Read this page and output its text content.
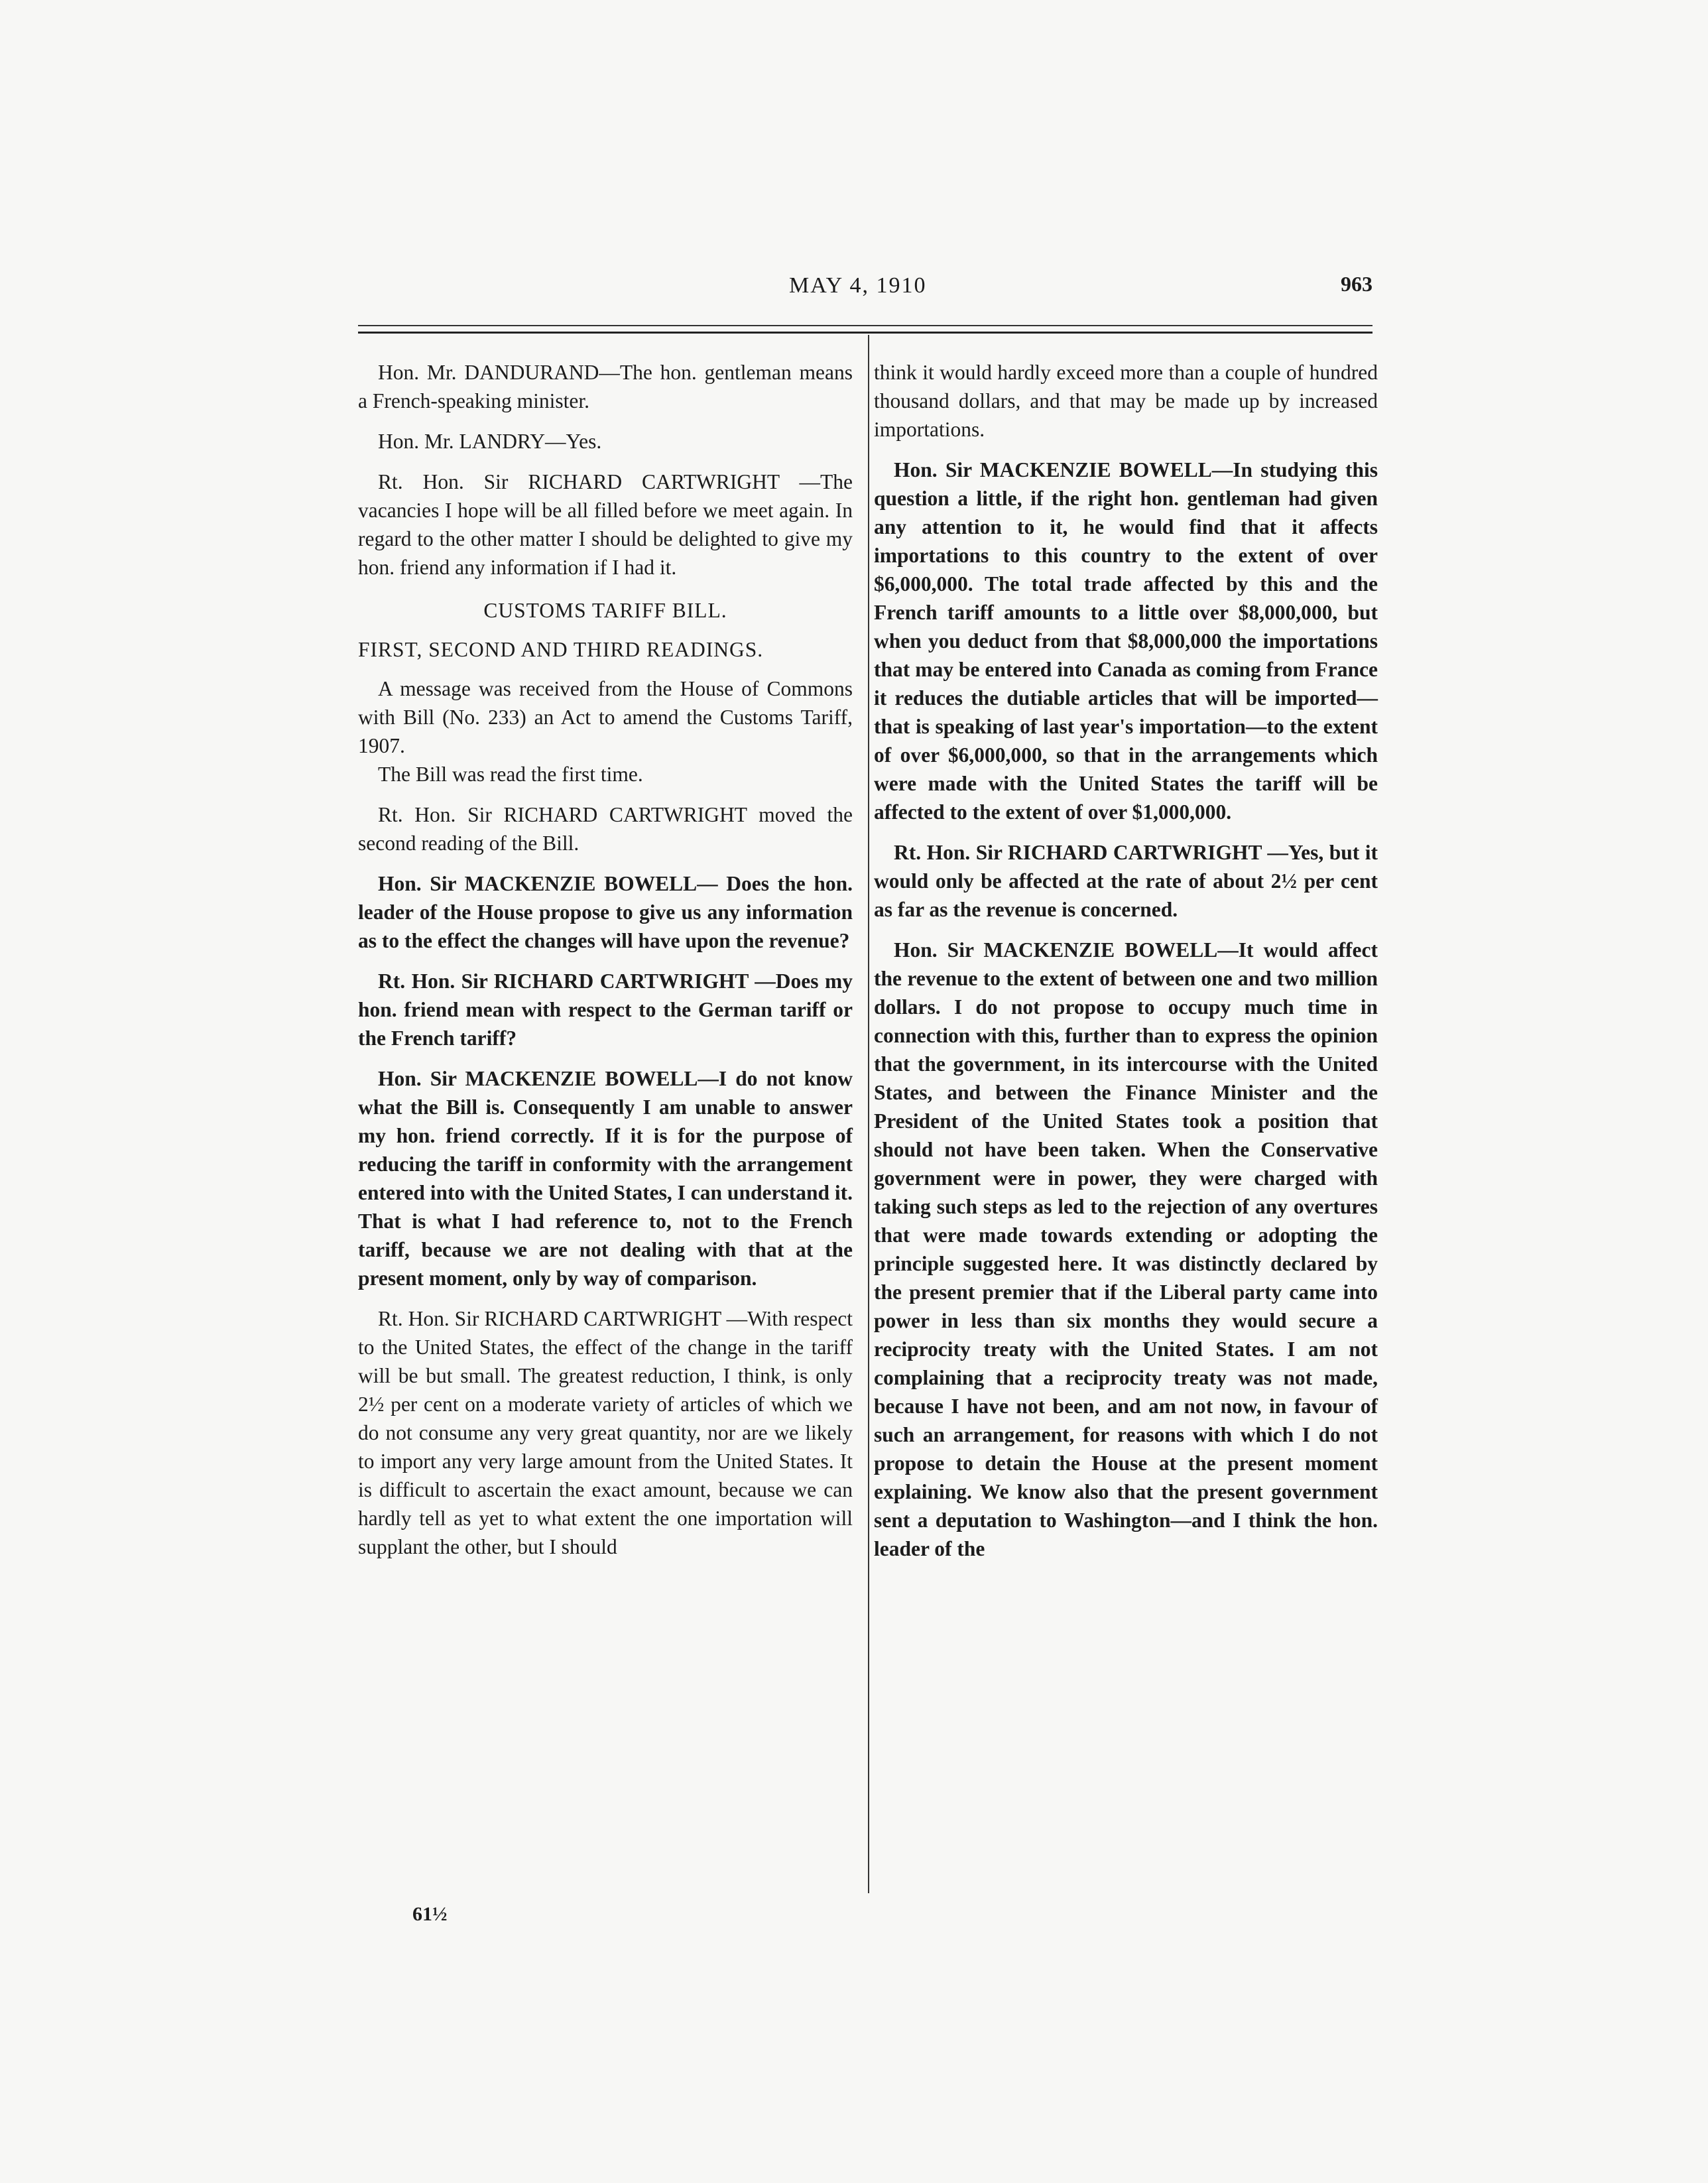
MAY 4, 1910	963

Hon. Mr. DANDURAND—The hon. gentleman means a French-speaking minister.

Hon. Mr. LANDRY—Yes.

Rt. Hon. Sir RICHARD CARTWRIGHT —The vacancies I hope will be all filled before we meet again. In regard to the other matter I should be delighted to give my hon. friend any information if I had it.

CUSTOMS TARIFF BILL.
FIRST, SECOND AND THIRD READINGS.

A message was received from the House of Commons with Bill (No. 233) an Act to amend the Customs Tariff, 1907.

The Bill was read the first time.

Rt. Hon. Sir RICHARD CARTWRIGHT moved the second reading of the Bill.

Hon. Sir MACKENZIE BOWELL— Does the hon. leader of the House propose to give us any information as to the effect the changes will have upon the revenue?

Rt. Hon. Sir RICHARD CARTWRIGHT —Does my hon. friend mean with respect to the German tariff or the French tariff?

Hon. Sir MACKENZIE BOWELL—I do not know what the Bill is. Consequently I am unable to answer my hon. friend correctly. If it is for the purpose of reducing the tariff in conformity with the arrangement entered into with the United States, I can understand it. That is what I had reference to, not to the French tariff, because we are not dealing with that at the present moment, only by way of comparison.

Rt. Hon. Sir RICHARD CARTWRIGHT —With respect to the United States, the effect of the change in the tariff will be but small. The greatest reduction, I think, is only 2½ per cent on a moderate variety of articles of which we do not consume any very great quantity, nor are we likely to import any very large amount from the United States. It is difficult to ascertain the exact amount, because we can hardly tell as yet to what extent the one importation will supplant the other, but I should

think it would hardly exceed more than a couple of hundred thousand dollars, and that may be made up by increased importations.

Hon. Sir MACKENZIE BOWELL—In studying this question a little, if the right hon. gentleman had given any attention to it, he would find that it affects importations to this country to the extent of over $6,000,000. The total trade affected by this and the French tariff amounts to a little over $8,000,000, but when you deduct from that $8,000,000 the importations that may be entered into Canada as coming from France it reduces the dutiable articles that will be imported—that is speaking of last year's importation—to the extent of over $6,000,000, so that in the arrangements which were made with the United States the tariff will be affected to the extent of over $1,000,000.

Rt. Hon. Sir RICHARD CARTWRIGHT —Yes, but it would only be affected at the rate of about 2½ per cent as far as the revenue is concerned.

Hon. Sir MACKENZIE BOWELL—It would affect the revenue to the extent of between one and two million dollars. I do not propose to occupy much time in connection with this, further than to express the opinion that the government, in its intercourse with the United States, and between the Finance Minister and the President of the United States took a position that should not have been taken. When the Conservative government were in power, they were charged with taking such steps as led to the rejection of any overtures that were made towards extending or adopting the principle suggested here. It was distinctly declared by the present premier that if the Liberal party came into power in less than six months they would secure a reciprocity treaty with the United States. I am not complaining that a reciprocity treaty was not made, because I have not been, and am not now, in favour of such an arrangement, for reasons with which I do not propose to detain the House at the present moment explaining. We know also that the present government sent a deputation to Washington—and I think the hon. leader of the

61½
